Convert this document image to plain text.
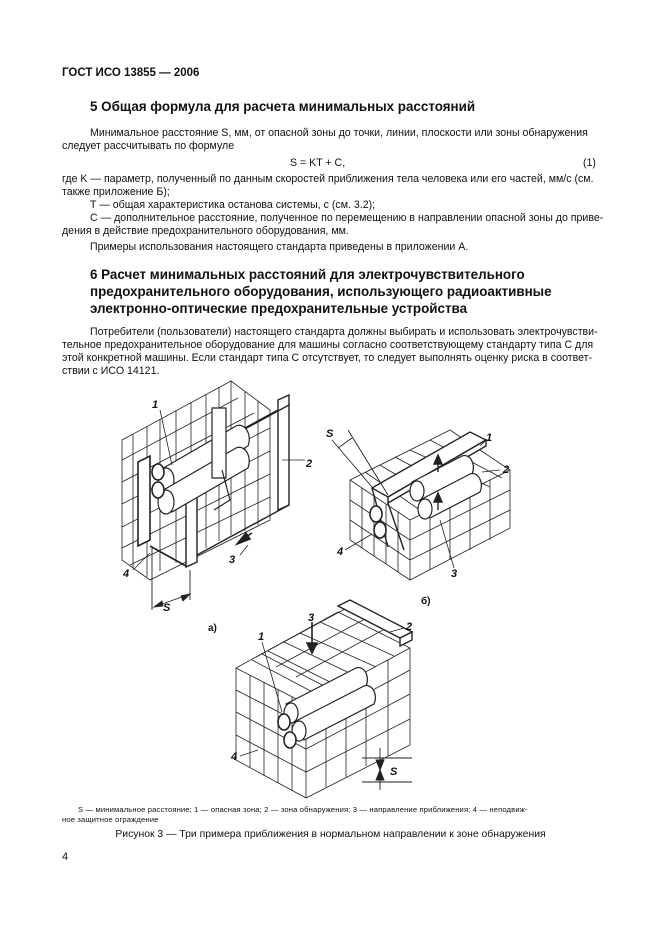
ГОСТ ИСО 13855 — 2006
5 Общая формула для расчета минимальных расстояний
Минимальное расстояние S, мм, от опасной зоны до точки, линии, плоскости или зоны обнаружения
следует рассчитывать по формуле
S = KT + C,	(1)
где K — параметр, полученный по данным скоростей приближения тела человека или его частей, мм/с (см.
также приложение Б);
T — общая характеристика останова системы, с (см. 3.2);
C — дополнительное расстояние, полученное по перемещению в направлении опасной зоны до приве-
дения в действие предохранительного оборудования, мм.
Примеры использования настоящего стандарта приведены в приложении А.
6 Расчет минимальных расстояний для электрочувствительного
предохранительного оборудования, использующего радиоактивные
электронно-оптические предохранительные устройства
Потребители (пользователи) настоящего стандарта должны выбирать и использовать электрочувстви-
тельное предохранительное оборудование для машины согласно соответствующему стандарту типа С для
этой конкретной машины. Если стандарт типа С отсутствует, то следует выполнять оценку риска в соответ-
ствии с ИСО 14121.
1
2
3
4
S
а)
1
2
3
4
S
б)
1
2
3
4
S
S — минимальное расстояние; 1 — опасная зона; 2 — зона обнаружения; 3 — направление приближения; 4 — неподвиж-
ное защитное ограждение
Рисунок 3 — Три примера приближения в нормальном направлении к зоне обнаружения
4
